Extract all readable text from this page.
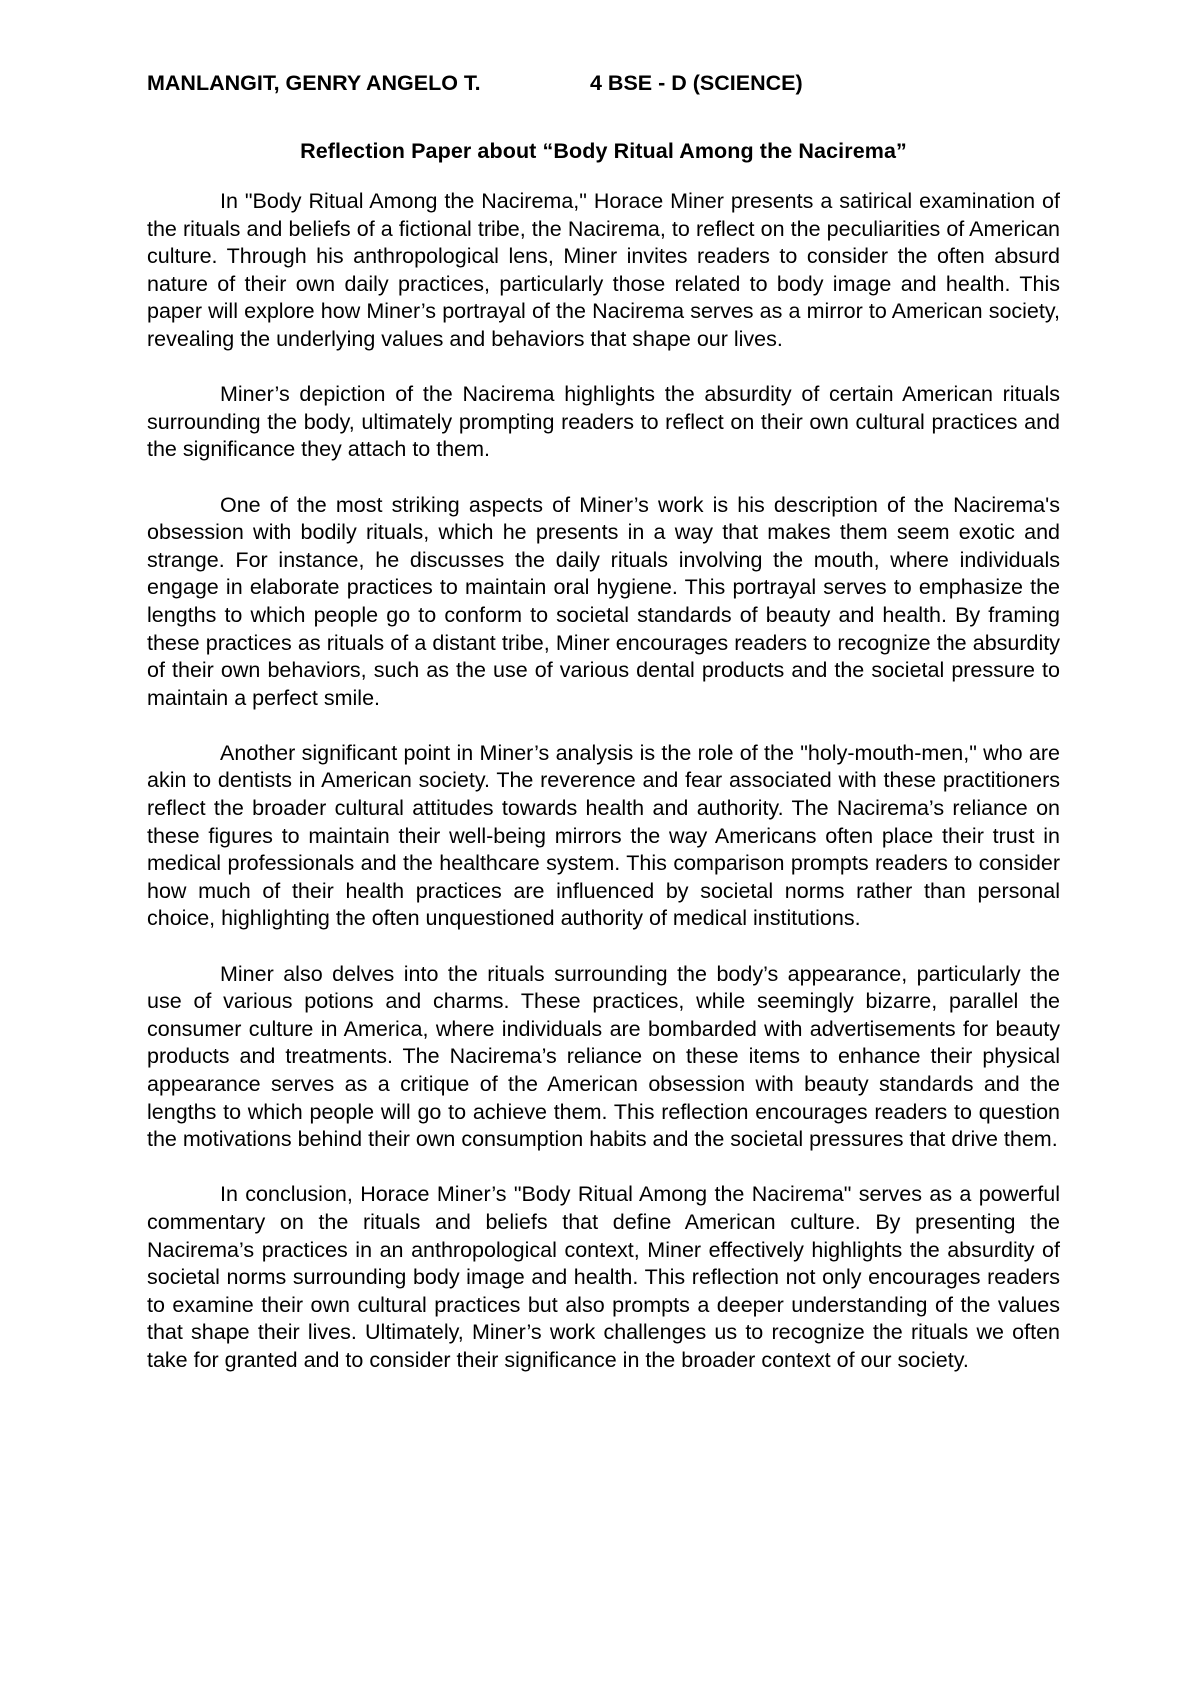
MANLANGIT, GENRY ANGELO T.	4 BSE - D (SCIENCE)
Reflection Paper about “Body Ritual Among the Nacirema”

In "Body Ritual Among the Nacirema," Horace Miner presents a satirical examination of the rituals and beliefs of a fictional tribe, the Nacirema, to reflect on the peculiarities of American culture. Through his anthropological lens, Miner invites readers to consider the often absurd nature of their own daily practices, particularly those related to body image and health. This paper will explore how Miner’s portrayal of the Nacirema serves as a mirror to American society, revealing the underlying values and behaviors that shape our lives.

Miner’s depiction of the Nacirema highlights the absurdity of certain American rituals surrounding the body, ultimately prompting readers to reflect on their own cultural practices and the significance they attach to them.

One of the most striking aspects of Miner’s work is his description of the Nacirema's obsession with bodily rituals, which he presents in a way that makes them seem exotic and strange. For instance, he discusses the daily rituals involving the mouth, where individuals engage in elaborate practices to maintain oral hygiene. This portrayal serves to emphasize the lengths to which people go to conform to societal standards of beauty and health. By framing these practices as rituals of a distant tribe, Miner encourages readers to recognize the absurdity of their own behaviors, such as the use of various dental products and the societal pressure to maintain a perfect smile.

Another significant point in Miner’s analysis is the role of the "holy-mouth-men," who are akin to dentists in American society. The reverence and fear associated with these practitioners reflect the broader cultural attitudes towards health and authority. The Nacirema’s reliance on these figures to maintain their well-being mirrors the way Americans often place their trust in medical professionals and the healthcare system. This comparison prompts readers to consider how much of their health practices are influenced by societal norms rather than personal choice, highlighting the often unquestioned authority of medical institutions.

Miner also delves into the rituals surrounding the body’s appearance, particularly the use of various potions and charms. These practices, while seemingly bizarre, parallel the consumer culture in America, where individuals are bombarded with advertisements for beauty products and treatments. The Nacirema’s reliance on these items to enhance their physical appearance serves as a critique of the American obsession with beauty standards and the lengths to which people will go to achieve them. This reflection encourages readers to question the motivations behind their own consumption habits and the societal pressures that drive them.

In conclusion, Horace Miner’s "Body Ritual Among the Nacirema" serves as a powerful commentary on the rituals and beliefs that define American culture. By presenting the Nacirema’s practices in an anthropological context, Miner effectively highlights the absurdity of societal norms surrounding body image and health. This reflection not only encourages readers to examine their own cultural practices but also prompts a deeper understanding of the values that shape their lives. Ultimately, Miner’s work challenges us to recognize the rituals we often take for granted and to consider their significance in the broader context of our society.
